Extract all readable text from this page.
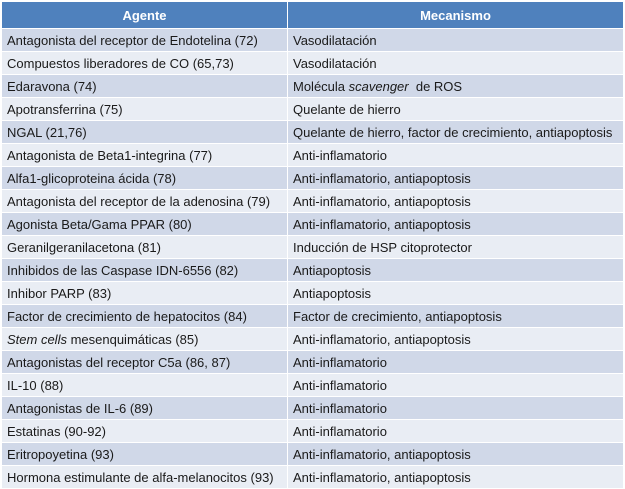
Agente	Mecanismo
Antagonista del receptor de Endotelina (72)	Vasodilatación
Compuestos liberadores de CO (65,73)	Vasodilatación
Edaravona (74)	Molécula scavenger  de ROS
Apotransferrina (75)	Quelante de hierro
NGAL (21,76)	Quelante de hierro, factor de crecimiento, antiapoptosis
Antagonista de Beta1-integrina (77)	Anti-inflamatorio
Alfa1-glicoproteina ácida (78)	Anti-inflamatorio, antiapoptosis
Antagonista del receptor de la adenosina (79)	Anti-inflamatorio, antiapoptosis
Agonista Beta/Gama PPAR (80)	Anti-inflamatorio, antiapoptosis
Geranilgeranilacetona (81)	Inducción de HSP citoprotector
Inhibidos de las Caspase IDN-6556 (82)	Antiapoptosis
Inhibor PARP (83)	Antiapoptosis
Factor de crecimiento de hepatocitos (84)	Factor de crecimiento, antiapoptosis
Stem cells mesenquimáticas (85)	Anti-inflamatorio, antiapoptosis
Antagonistas del receptor C5a (86, 87)	Anti-inflamatorio
IL-10 (88)	Anti-inflamatorio
Antagonistas de IL-6 (89)	Anti-inflamatorio
Estatinas (90-92)	Anti-inflamatorio
Eritropoyetina (93)	Anti-inflamatorio, antiapoptosis
Hormona estimulante de alfa-melanocitos (93)	Anti-inflamatorio, antiapoptosis
